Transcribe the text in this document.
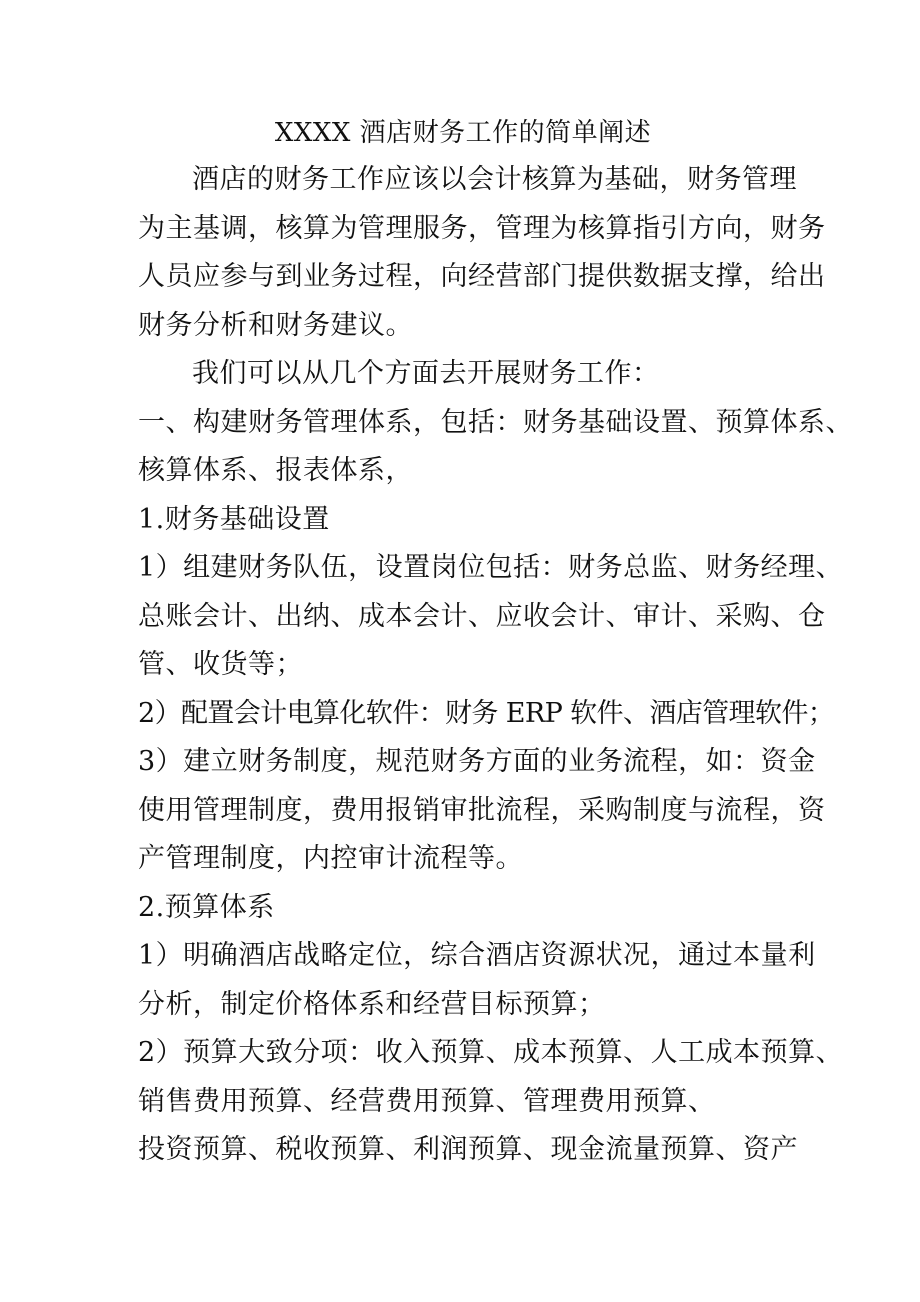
XXXX 酒店财务工作的简单阐述

酒店的财务工作应该以会计核算为基础，财务管理
为主基调，核算为管理服务，管理为核算指引方向，财务
人员应参与到业务过程，向经营部门提供数据支撑，给出
财务分析和财务建议。

我们可以从几个方面去开展财务工作：

一、构建财务管理体系，包括：财务基础设置、预算体系、
核算体系、报表体系，

1.财务基础设置

1）组建财务队伍，设置岗位包括：财务总监、财务经理、
总账会计、出纳、成本会计、应收会计、审计、采购、仓
管、收货等；

2）配置会计电算化软件：财务 ERP 软件、酒店管理软件；

3）建立财务制度，规范财务方面的业务流程，如：资金
使用管理制度，费用报销审批流程，采购制度与流程，资
产管理制度，内控审计流程等。

2.预算体系

1）明确酒店战略定位，综合酒店资源状况，通过本量利
分析，制定价格体系和经营目标预算；

2）预算大致分项：收入预算、成本预算、人工成本预算、
销售费用预算、经营费用预算、管理费用预算、
投资预算、税收预算、利润预算、现金流量预算、资产
